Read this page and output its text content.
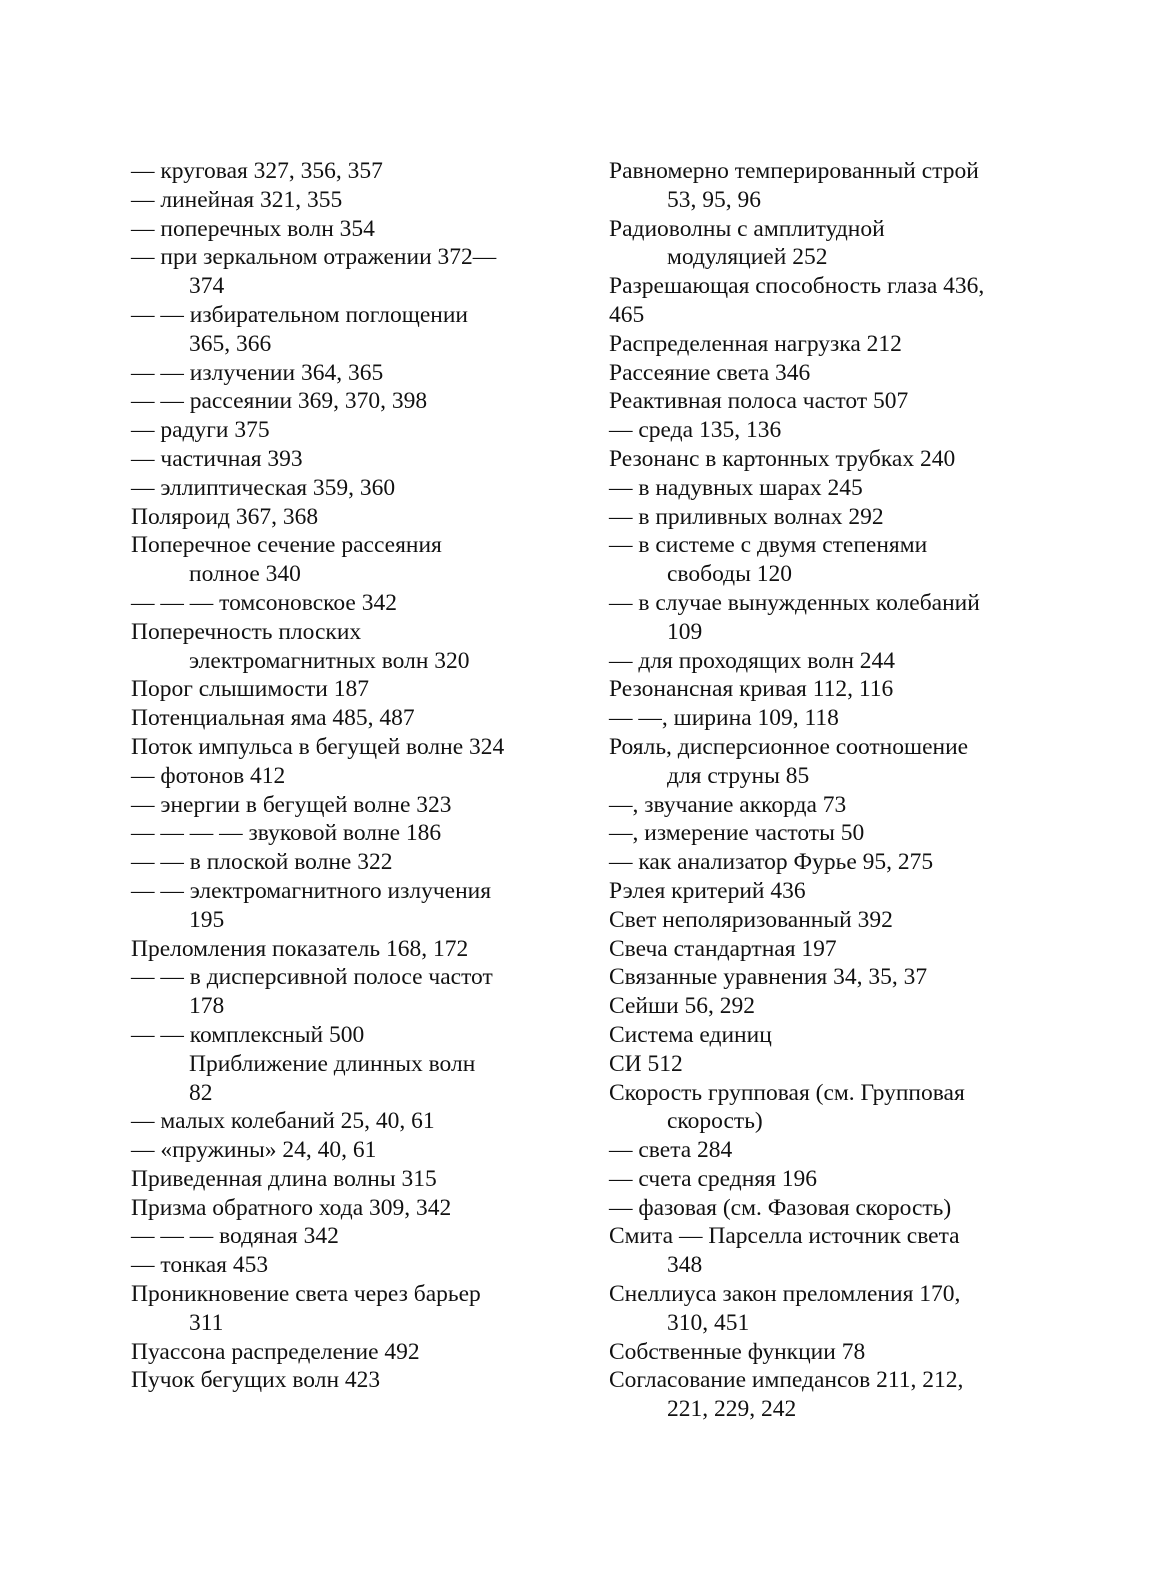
— круговая 327, 356, 357
— линейная 321, 355
— поперечных волн 354
— при зеркальном отражении 372—
374
— — избирательном поглощении
365, 366
— — излучении 364, 365
— — рассеянии 369, 370, 398
— радуги 375
— частичная 393
— эллиптическая 359, 360
Поляроид 367, 368
Поперечное сечение рассеяния
полное 340
— — — томсоновское 342
Поперечность плоских
электромагнитных волн 320
Порог слышимости 187
Потенциальная яма 485, 487
Поток импульса в бегущей волне 324
— фотонов 412
— энергии в бегущей волне 323
— — — — звуковой волне 186
— — в плоской волне 322
— — электромагнитного излучения
195
Преломления показатель 168, 172
— — в дисперсивной полосе частот
178
— — комплексный 500
Приближение длинных волн
82
— малых колебаний 25, 40, 61
— «пружины» 24, 40, 61
Приведенная длина волны 315
Призма обратного хода 309, 342
— — — водяная 342
— тонкая 453
Проникновение света через барьер
311
Пуассона распределение 492
Пучок бегущих волн 423
Равномерно темперированный строй
53, 95, 96
Радиоволны с амплитудной
модуляцией 252
Разрешающая способность глаза 436,
465
Распределенная нагрузка 212
Рассеяние света 346
Реактивная полоса частот 507
— среда 135, 136
Резонанс в картонных трубках 240
— в надувных шарах 245
— в приливных волнах 292
— в системе с двумя степенями
свободы 120
— в случае вынужденных колебаний
109
— для проходящих волн 244
Резонансная кривая 112, 116
— —, ширина 109, 118
Рояль, дисперсионное соотношение
для струны 85
—, звучание аккорда 73
—, измерение частоты 50
— как анализатор Фурье 95, 275
Рэлея критерий 436
Свет неполяризованный 392
Свеча стандартная 197
Связанные уравнения 34, 35, 37
Сейши 56, 292
Система единиц
СИ 512
Скорость групповая (см. Групповая
скорость)
— света 284
— счета средняя 196
— фазовая (см. Фазовая скорость)
Смита — Парселла источник света
348
Снеллиуса закон преломления 170,
310, 451
Собственные функции 78
Согласование импедансов 211, 212,
221, 229, 242
